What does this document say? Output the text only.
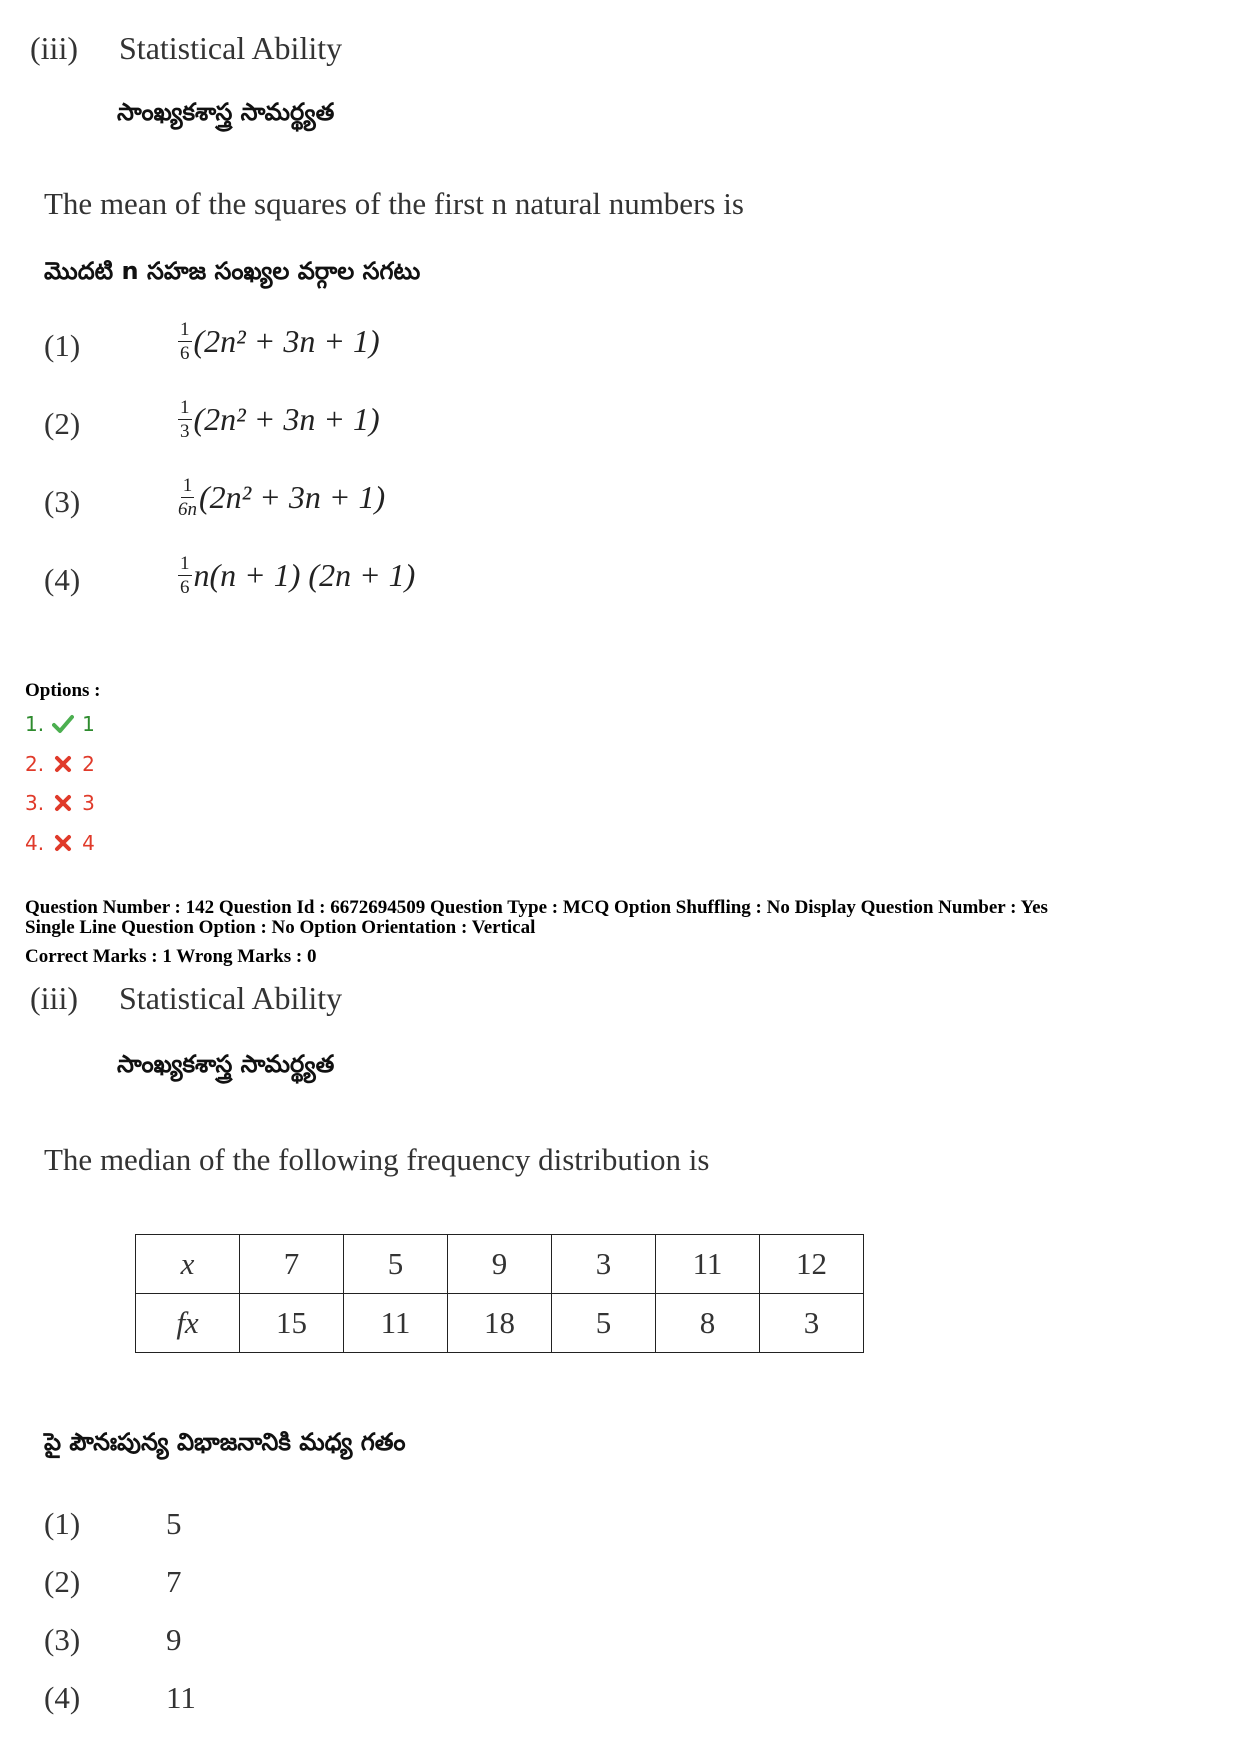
(iii) Statistical Ability
సాంఖ్యకశాస్త్ర సామర్థ్యత
The mean of the squares of the first n natural numbers is
మొదటి n సహజ సంఖ్యల వర్గాల సగటు
(1)	$\frac{1}{6} (2n^2 + 3n + 1)$
(2)	$\frac{1}{3} (2n^2 + 3n + 1)$
(3)	$\frac{1}{6n} (2n^2 + 3n + 1)$
(4)	$\frac{1}{6} n(n + 1) (2n + 1)$
Options :
1. 1
2. 2
3. 3
4. 4
Question Number : 142 Question Id : 6672694509 Question Type : MCQ Option Shuffling : No Display Question Number : Yes
Single Line Question Option : No Option Orientation : Vertical
Correct Marks : 1 Wrong Marks : 0
(iii) Statistical Ability
సాంఖ్యకశాస్త్ర సామర్థ్యత
The median of the following frequency distribution is
x	7	5	9	3	11	12
fx	15	11	18	5	8	3
పై పౌనఃపున్య విభాజనానికి మధ్య గతం
(1)	5
(2)	7
(3)	9
(4)	11
